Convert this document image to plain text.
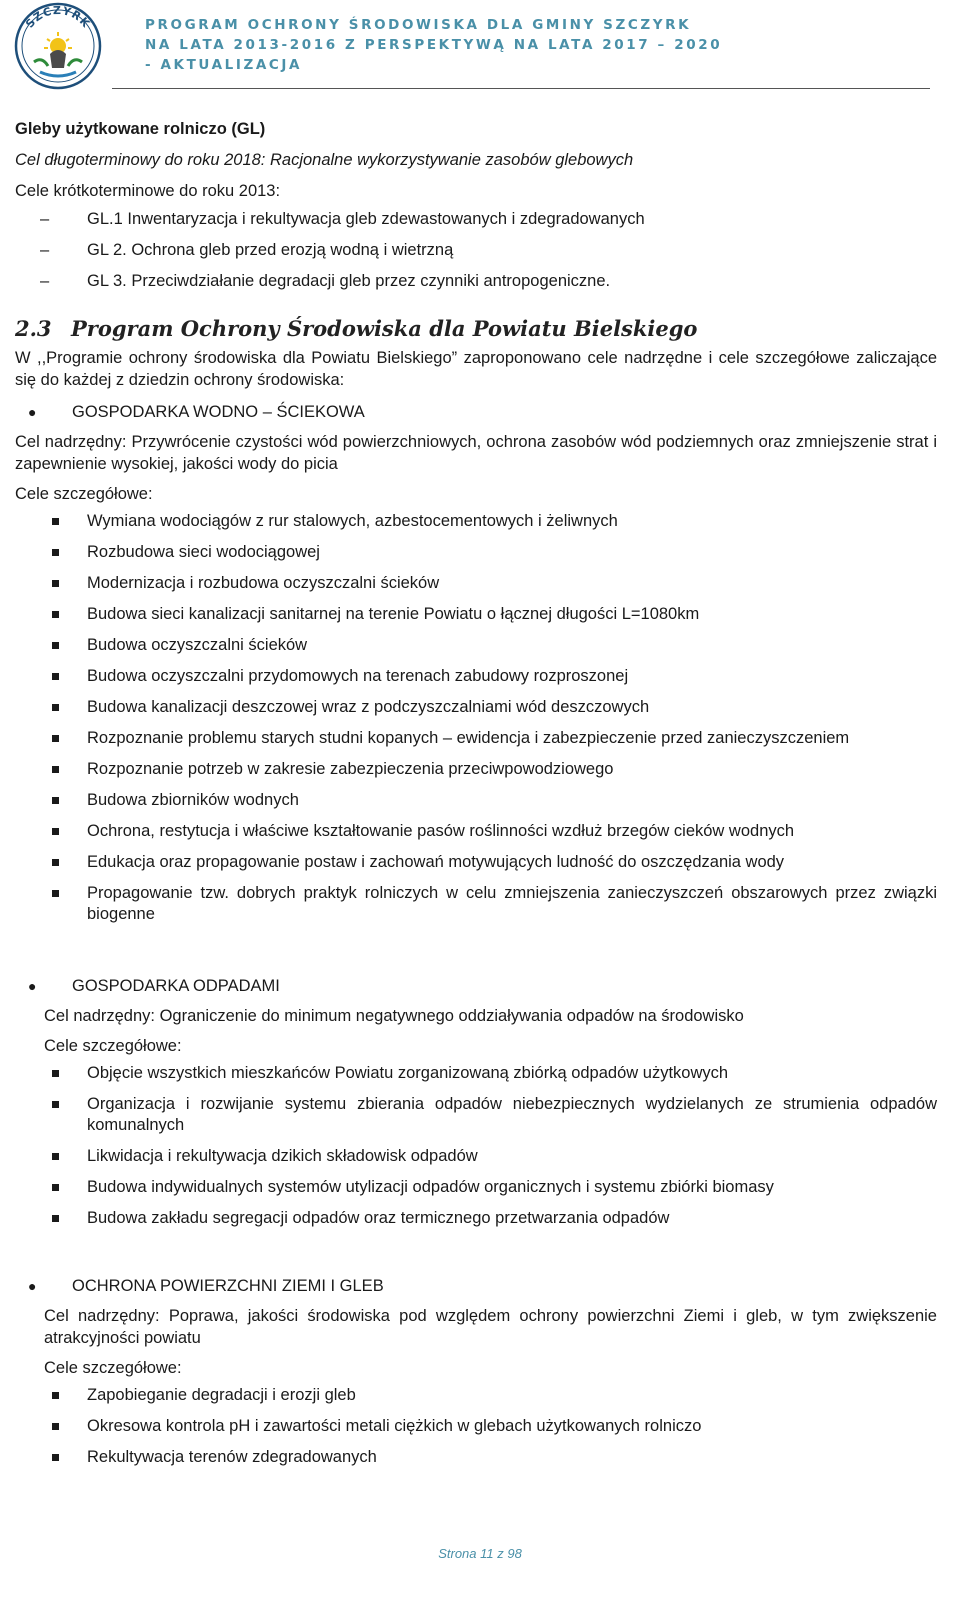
SZCZYRK	PROGRAM OCHRONY ŚRODOWISKA DLA GMINY SZCZYRK
NA LATA 2013-2016 Z PERSPEKTYWĄ NA LATA 2017 – 2020
- AKTUALIZACJA
Gleby użytkowane rolniczo (GL)
Cel długoterminowy do roku 2018: Racjonalne wykorzystywanie zasobów glebowych
Cele krótkoterminowe do roku 2013:
– GL.1 Inwentaryzacja i rekultywacja gleb zdewastowanych i zdegradowanych
– GL 2. Ochrona gleb przed erozją wodną i wietrzną
– GL 3. Przeciwdziałanie degradacji gleb przez czynniki antropogeniczne.
2.3 Program Ochrony Środowiska dla Powiatu Bielskiego

W ,,Programie ochrony środowiska dla Powiatu Bielskiego” zaproponowano cele nadrzędne i cele szczegółowe zaliczające się do każdej z dziedzin ochrony środowiska:

● GOSPODARKA WODNO – ŚCIEKOWA

Cel nadrzędny: Przywrócenie czystości wód powierzchniowych, ochrona zasobów wód podziemnych oraz zmniejszenie strat i zapewnienie wysokiej, jakości wody do picia

Cele szczegółowe:
Wymiana wodociągów z rur stalowych, azbestocementowych i żeliwnych
Rozbudowa sieci wodociągowej
Modernizacja i rozbudowa oczyszczalni ścieków
Budowa sieci kanalizacji sanitarnej na terenie Powiatu o łącznej długości L=1080km
Budowa oczyszczalni ścieków
Budowa oczyszczalni przydomowych na terenach zabudowy rozproszonej
Budowa kanalizacji deszczowej wraz z podczyszczalniami wód deszczowych
Rozpoznanie problemu starych studni kopanych – ewidencja i zabezpieczenie przed zanieczyszczeniem
Rozpoznanie potrzeb w zakresie zabezpieczenia przeciwpowodziowego
Budowa zbiorników wodnych
Ochrona, restytucja i właściwe kształtowanie pasów roślinności wzdłuż brzegów cieków wodnych
Edukacja oraz propagowanie postaw i zachowań motywujących ludność do oszczędzania wody
Propagowanie tzw. dobrych praktyk rolniczych w celu zmniejszenia zanieczyszczeń obszarowych przez związki biogenne
● GOSPODARKA ODPADAMI

Cel nadrzędny: Ograniczenie do minimum negatywnego oddziaływania odpadów na środowisko

Cele szczegółowe:
Objęcie wszystkich mieszkańców Powiatu zorganizowaną zbiórką odpadów użytkowych
Organizacja i rozwijanie systemu zbierania odpadów niebezpiecznych wydzielanych ze strumienia odpadów komunalnych
Likwidacja i rekultywacja dzikich składowisk odpadów
Budowa indywidualnych systemów utylizacji odpadów organicznych i systemu zbiórki biomasy
Budowa zakładu segregacji odpadów oraz termicznego przetwarzania odpadów
● OCHRONA POWIERZCHNI ZIEMI I GLEB

Cel nadrzędny: Poprawa, jakości środowiska pod względem ochrony powierzchni Ziemi i gleb, w tym zwiększenie atrakcyjności powiatu

Cele szczegółowe:
Zapobieganie degradacji i erozji gleb
Okresowa kontrola pH i zawartości metali ciężkich w glebach użytkowanych rolniczo
Rekultywacja terenów zdegradowanych
Strona 11 z 98
